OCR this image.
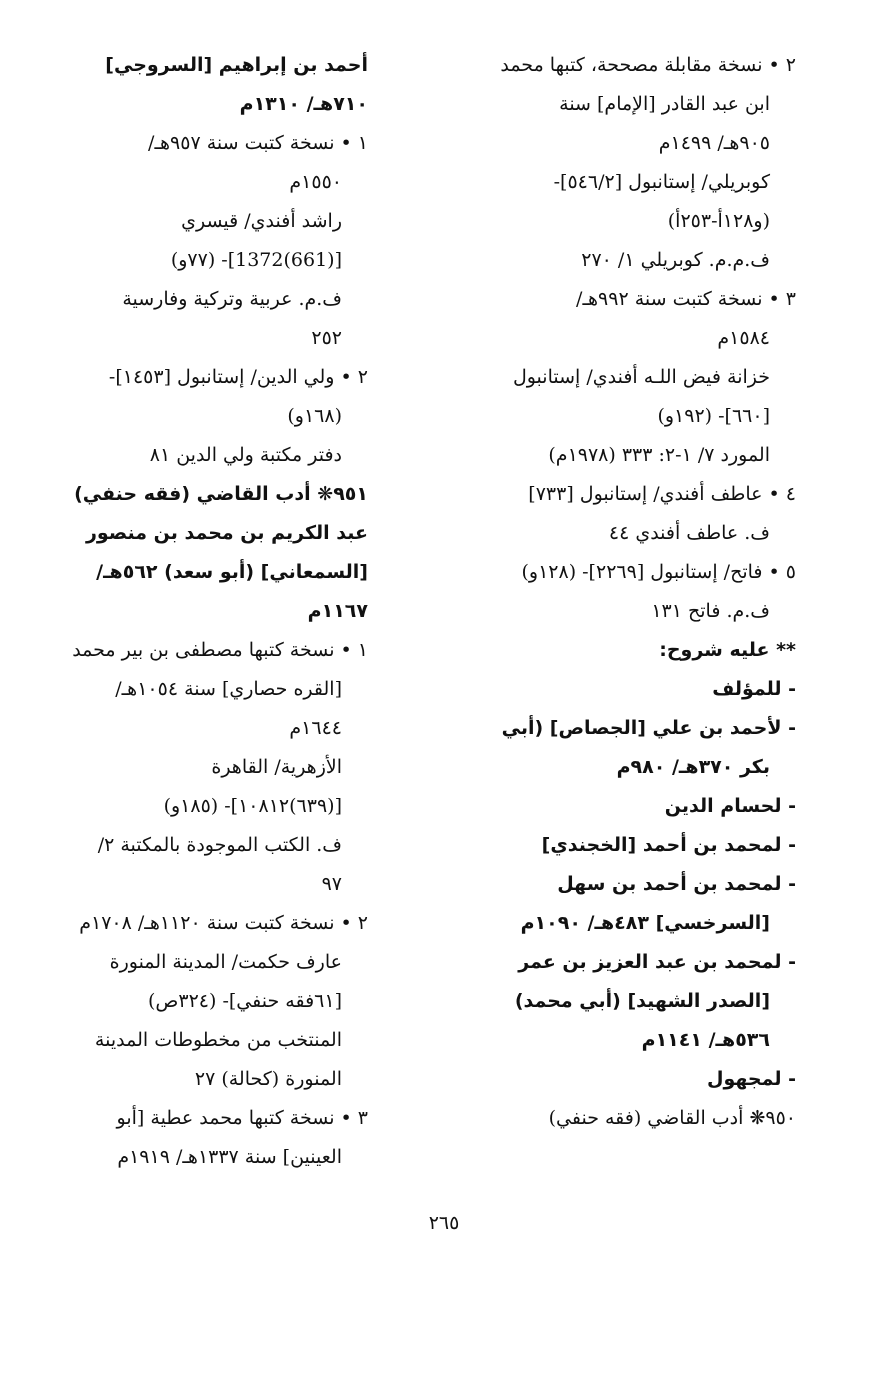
٢ • نسخة مقابلة مصححة، كتبها محمد
ابن عبد القادر [الإمام] سنة
٩٠٥هـ/ ١٤٩٩م
كوبريلي/ إستانبول [٥٤٦/٢]-
(و١٢٨أ-٢٥٣أ)
ف.م.م. كوبريلي ١/ ٢٧٠
٣ • نسخة كتبت سنة ٩٩٢هـ/
١٥٨٤م
خزانة فيض اللـه أفندي/ إستانبول
[٦٦٠]- (١٩٢و)
المورد ٧/ ١-٢: ٣٣٣ (١٩٧٨م)
٤ • عاطف أفندي/ إستانبول [٧٣٣]
ف. عاطف أفندي ٤٤
٥ • فاتح/ إستانبول [٢٢٦٩]- (١٢٨و)
ف.م. فاتح ١٣١
** عليه شروح:
- للمؤلف
- لأحمد بن علي [الجصاص] (أبي
بكر ٣٧٠هـ/ ٩٨٠م
- لحسام الدين
- لمحمد بن أحمد [الخجندي]
- لمحمد بن أحمد بن سهل
[السرخسي] ٤٨٣هـ/ ١٠٩٠م
- لمحمد بن عبد العزيز بن عمر
[الصدر الشهيد] (أبي محمد)
٥٣٦هـ/ ١١٤١م
- لمجهول
٩٥٠❋ أدب القاضي (فقه حنفي)
أحمد بن إبراهيم [السروجي]
٧١٠هـ/ ١٣١٠م
١ • نسخة كتبت سنة ٩٥٧هـ/
١٥٥٠م
راشد أفندي/ قيسري
[(661)1372]- (٧٧و)
ف.م. عربية وتركية وفارسية
٢٥٢
٢ • ولي الدين/ إستانبول [١٤٥٣]-
(١٦٨و)
دفتر مكتبة ولي الدين ٨١
٩٥١❋ أدب القاضي (فقه حنفي)
عبد الكريم بن محمد بن منصور
[السمعاني] (أبو سعد) ٥٦٢هـ/
١١٦٧م
١ • نسخة كتبها مصطفى بن بير محمد
[القره حصاري] سنة ١٠٥٤هـ/
١٦٤٤م
الأزهرية/ القاهرة
[(٦٣٩)١٠٨١٢]- (١٨٥و)
ف. الكتب الموجودة بالمكتبة ٢/
٩٧
٢ • نسخة كتبت سنة ١١٢٠هـ/ ١٧٠٨م
عارف حكمت/ المدينة المنورة
[٦١فقه حنفي]- (٣٢٤ص)
المنتخب من مخطوطات المدينة
المنورة (كحالة) ٢٧
٣ • نسخة كتبها محمد عطية [أبو
العينين] سنة ١٣٣٧هـ/ ١٩١٩م
٢٦٥
